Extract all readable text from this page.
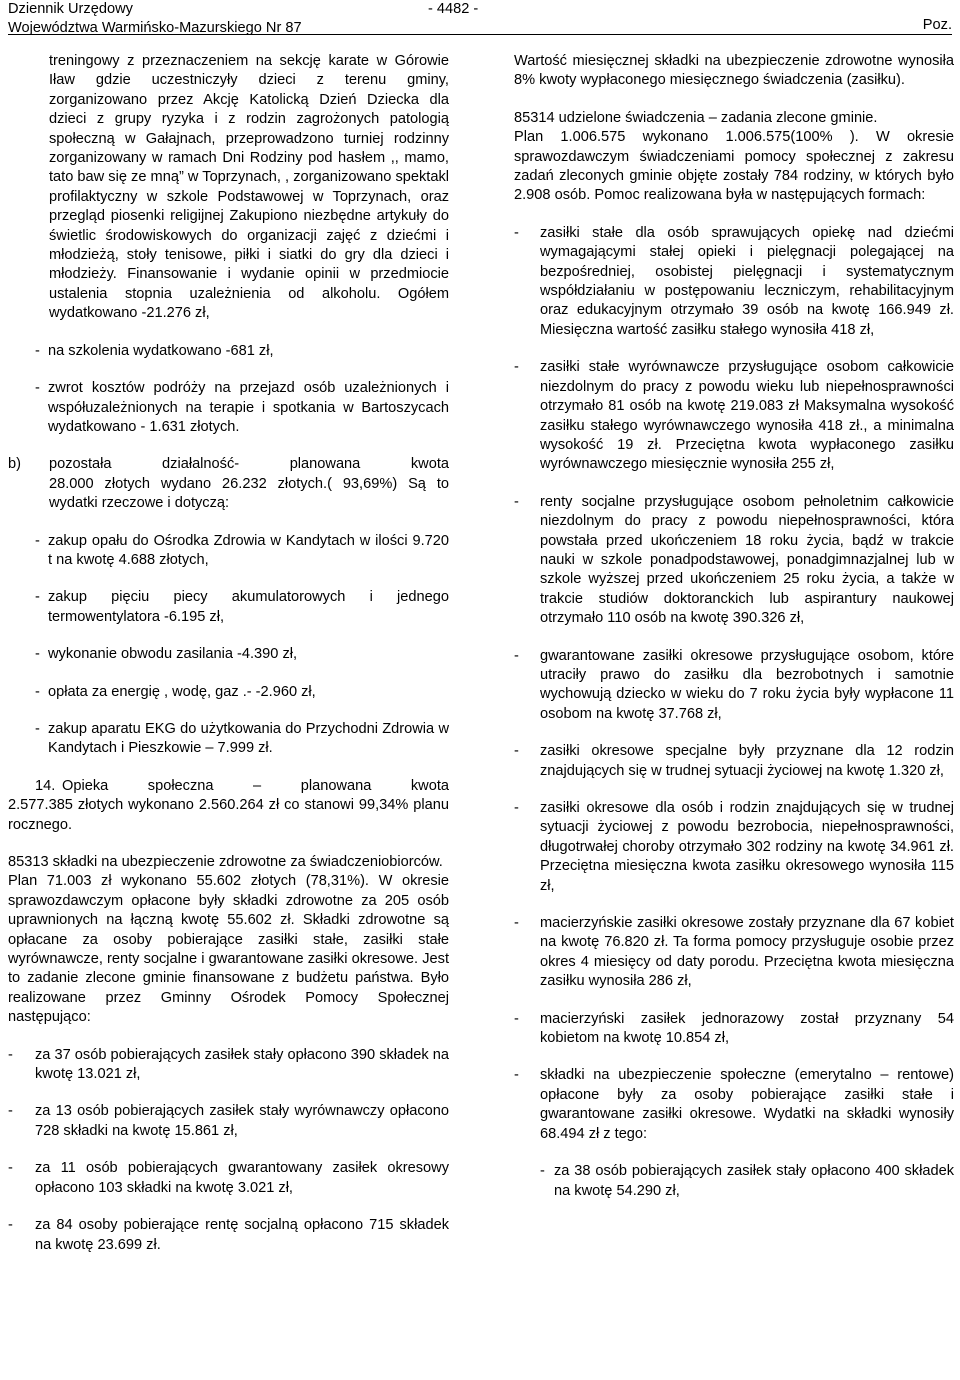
Dziennik Urzędowy
Województwa Warmińsko-Mazurskiego Nr 87
- 4482 -
Poz.

treningowy z przeznaczeniem na sekcję karate w Górowie Iław gdzie uczestniczyły dzieci z terenu gminy, zorganizowano przez Akcję Katolicką Dzień Dziecka dla dzieci z grupy ryzyka i z rodzin zagrożonych patologią społeczną w Gałajnach, przeprowadzono turniej rodzinny zorganizowany w ramach Dni Rodziny pod hasłem ,, mamo, tato baw się ze mną” w Toprzynach, , zorganizowano spektakl profilaktyczny w szkole Podstawowej w Toprzynach, oraz przegląd piosenki religijnej Zakupiono niezbędne artykuły do świetlic środowiskowych do organizacji zajęć z dziećmi i młodzieżą, stoły tenisowe, piłki i siatki do gry dla dzieci i młodzieży. Finansowanie i wydanie opinii w przedmiocie ustalenia stopnia uzależnienia od alkoholu. Ogółem wydatkowano -21.276 zł,

- na szkolenia wydatkowano -681 zł,
- zwrot kosztów podróży na przejazd osób uzależnionych i współuzależnionych na terapie i spotkania w Bartoszycach wydatkowano - 1.631 złotych.
b) pozostała działalność- planowana kwota

28.000 złotych wydano 26.232 złotych.( 93,69%) Są to wydatki rzeczowe i dotyczą:

- zakup opału do Ośrodka Zdrowia w Kandytach w ilości 9.720 t na kwotę 4.688 złotych,
- zakup pięciu piecy akumulatorowych i jednego termowentylatora -6.195 zł,
- wykonanie obwodu zasilania -4.390 zł,
- opłata za energię , wodę, gaz .- -2.960 zł,
- zakup aparatu EKG do użytkowania do Przychodni Zdrowia w Kandytach i Pieszkowie – 7.999 zł.
14. Opieka społeczna – planowana kwota

2.577.385 złotych wykonano 2.560.264 zł co stanowi 99,34% planu rocznego.

85313 składki na ubezpieczenie zdrowotne za świadczeniobiorców.

Plan 71.003 zł wykonano 55.602 złotych (78,31%). W okresie sprawozdawczym opłacone były składki zdrowotne za 205 osób uprawnionych na łączną kwotę 55.602 zł. Składki zdrowotne są opłacane za osoby pobierające zasiłki stałe, zasiłki stałe wyrównawcze, renty socjalne i gwarantowane zasiłki okresowe. Jest to zadanie zlecone gminie finansowane z budżetu państwa. Było realizowane przez Gminny Ośrodek Pomocy Społecznej następująco:

- za 37 osób pobierających zasiłek stały opłacono 390 składek na kwotę 13.021 zł,
- za 13 osób pobierających zasiłek stały wyrównawczy opłacono 728 składki na kwotę 15.861 zł,
- za 11 osób pobierających gwarantowany zasiłek okresowy opłacono 103 składki na kwotę 3.021 zł,
- za 84 osoby pobierające rentę socjalną opłacono 715 składek na kwotę 23.699 zł.

Wartość miesięcznej składki na ubezpieczenie zdrowotne wynosiła 8% kwoty wypłaconego miesięcznego świadczenia (zasiłku).

85314 udzielone świadczenia – zadania zlecone gminie.

Plan 1.006.575 wykonano 1.006.575(100% ). W okresie sprawozdawczym świadczeniami pomocy społecznej z zakresu zadań zleconych gminie objęte zostały 784 rodziny, w których było 2.908 osób. Pomoc realizowana była w następujących formach:

- zasiłki stałe dla osób sprawujących opiekę nad dziećmi wymagającymi stałej opieki i pielęgnacji polegającej na bezpośredniej, osobistej pielęgnacji i systematycznym współdziałaniu w postępowaniu leczniczym, rehabilitacyjnym oraz edukacyjnym otrzymało 39 osób na kwotę 166.949 zł. Miesięczna wartość zasiłku stałego wynosiła 418 zł,
- zasiłki stałe wyrównawcze przysługujące osobom całkowicie niezdolnym do pracy z powodu wieku lub niepełnosprawności otrzymało 81 osób na kwotę 219.083 zł Maksymalna wysokość zasiłku stałego wyrównawczego wynosiła 418 zł., a minimalna wysokość 19 zł. Przeciętna kwota wypłaconego zasiłku wyrównawczego miesięcznie wynosiła 255 zł,
- renty socjalne przysługujące osobom pełnoletnim całkowicie niezdolnym do pracy z powodu niepełnosprawności, która powstała przed ukończeniem 18 roku życia, bądź w trakcie nauki w szkole ponadpodstawowej, ponadgimnazjalnej lub w szkole wyższej przed ukończeniem 25 roku życia, a także w trakcie studiów doktoranckich lub aspirantury naukowej otrzymało 110 osób na kwotę 390.326 zł,
- gwarantowane zasiłki okresowe przysługujące osobom, które utraciły prawo do zasiłku dla bezrobotnych i samotnie wychowują dziecko w wieku do 7 roku życia były wypłacone 11 osobom na kwotę 37.768 zł,
- zasiłki okresowe specjalne były przyznane dla 12 rodzin znajdujących się w trudnej sytuacji życiowej na kwotę 1.320 zł,
- zasiłki okresowe dla osób i rodzin znajdujących się w trudnej sytuacji życiowej z powodu bezrobocia, niepełnosprawności, długotrwałej choroby otrzymało 302 rodziny na kwotę 34.961 zł. Przeciętna miesięczna kwota zasiłku okresowego wynosiła 115 zł,
- macierzyńskie zasiłki okresowe zostały przyznane dla 67 kobiet na kwotę 76.820 zł. Ta forma pomocy przysługuje osobie przez okres 4 miesięcy od daty porodu. Przeciętna kwota miesięczna zasiłku wynosiła 286 zł,
- macierzyński zasiłek jednorazowy został przyznany 54 kobietom na kwotę 10.854 zł,
- składki na ubezpieczenie społeczne (emerytalno – rentowe) opłacone były za osoby pobierające zasiłki stałe i gwarantowane zasiłki okresowe. Wydatki na składki wynosiły 68.494 zł z tego:
- za 38 osób pobierających zasiłek stały opłacono 400 składek na kwotę 54.290 zł,
